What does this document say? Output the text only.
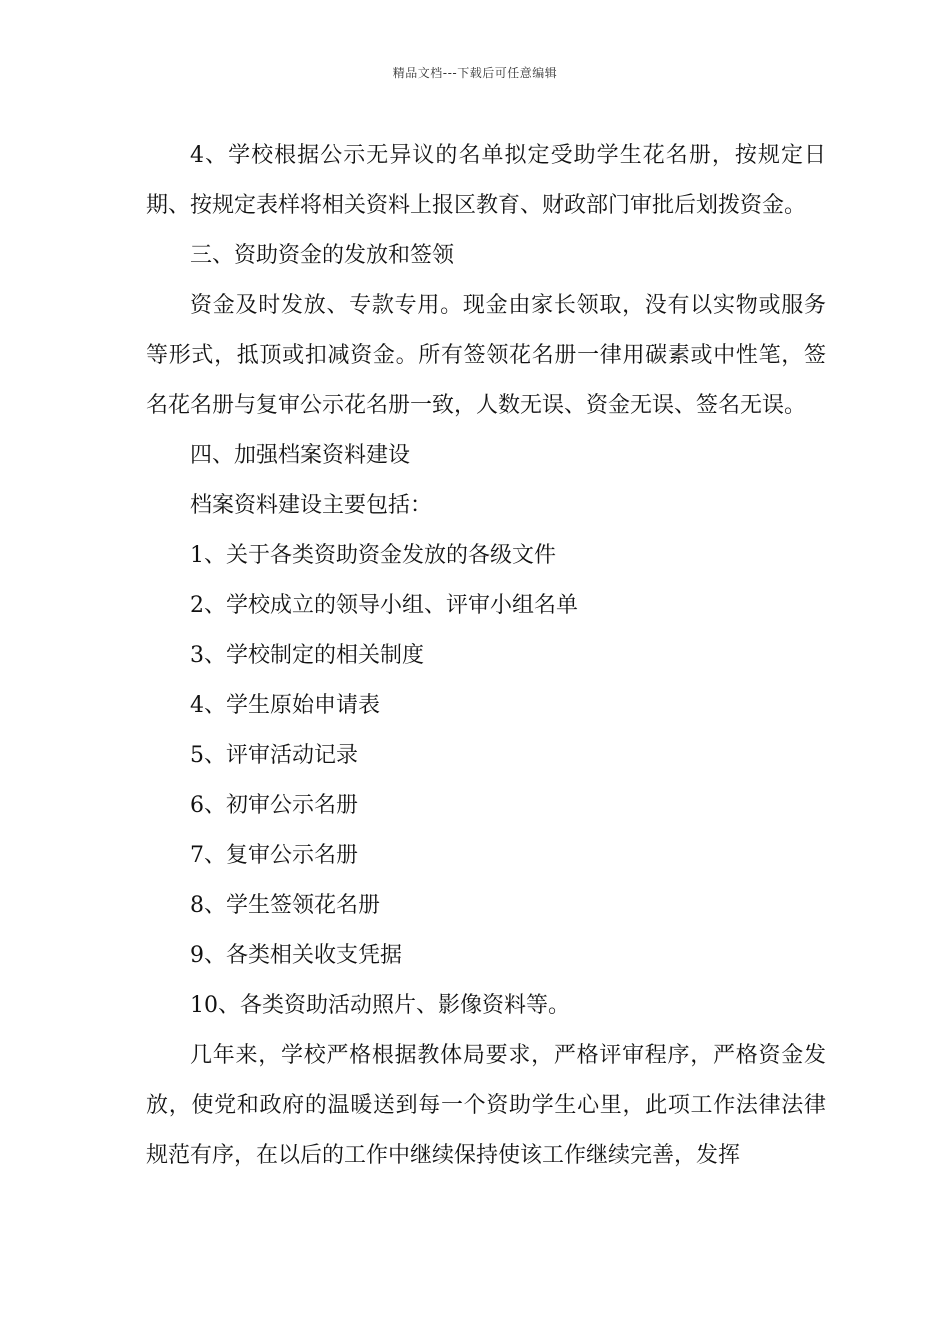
精品文档---下载后可任意编辑

4、学校根据公示无异议的名单拟定受助学生花名册，按规定日期、按规定表样将相关资料上报区教育、财政部门审批后划拨资金。

三、资助资金的发放和签领

资金及时发放、专款专用。现金由家长领取，没有以实物或服务等形式，抵顶或扣减资金。所有签领花名册一律用碳素或中性笔，签名花名册与复审公示花名册一致，人数无误、资金无误、签名无误。

四、加强档案资料建设

档案资料建设主要包括：

1、关于各类资助资金发放的各级文件

2、学校成立的领导小组、评审小组名单

3、学校制定的相关制度

4、学生原始申请表

5、评审活动记录

6、初审公示名册

7、复审公示名册

8、学生签领花名册

9、各类相关收支凭据

10、各类资助活动照片、影像资料等。

几年来，学校严格根据教体局要求，严格评审程序，严格资金发放，使党和政府的温暖送到每一个资助学生心里，此项工作法律法律规范有序，在以后的工作中继续保持使该工作继续完善，发挥
